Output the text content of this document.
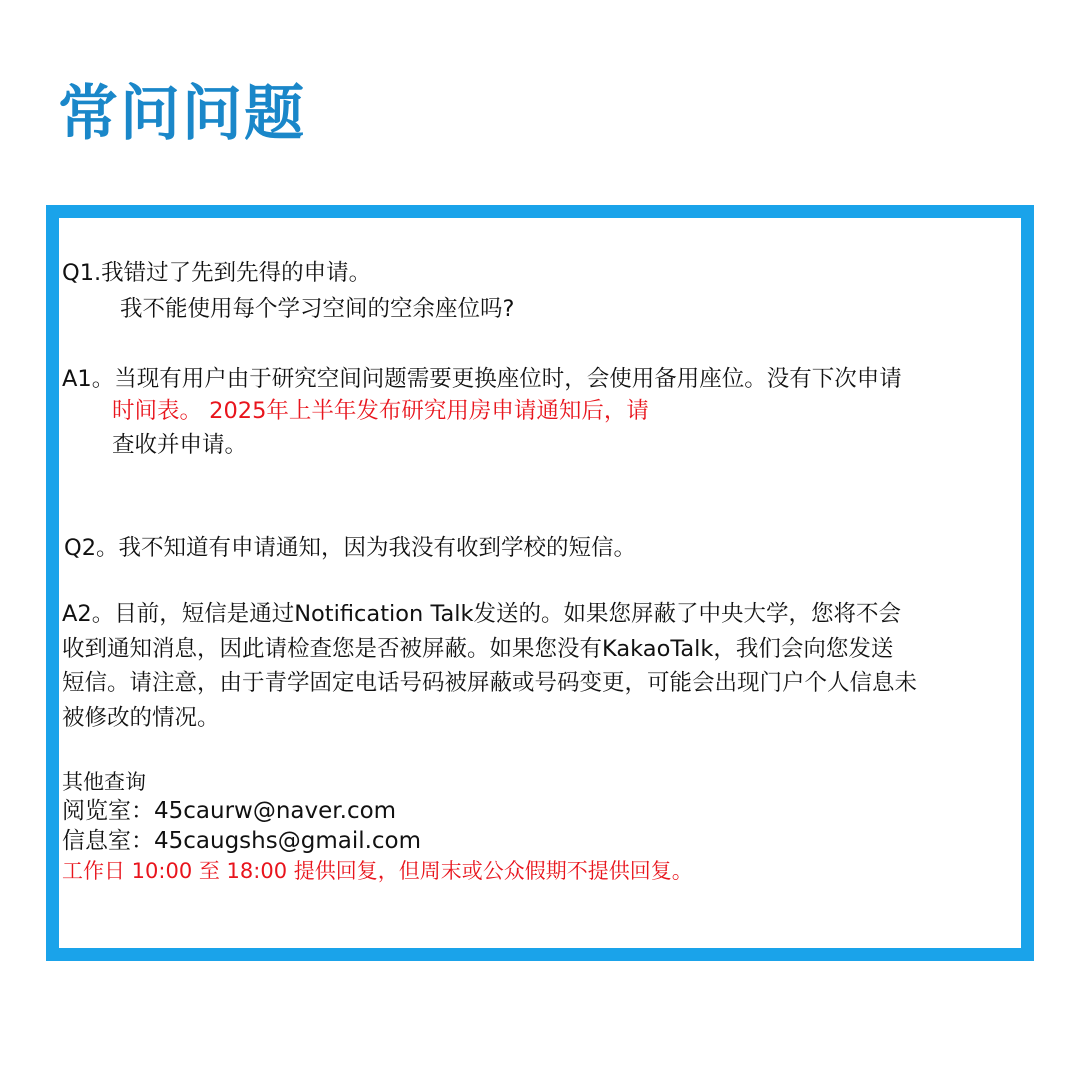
常问问题
Q1.我错过了先到先得的申请。
我不能使用每个学习空间的空余座位吗?
A1。当现有用户由于研究空间问题需要更换座位时，会使用备用座位。没有下次申请
时间表。 2025年上半年发布研究用房申请通知后，请
查收并申请。
Q2。我不知道有申请通知，因为我没有收到学校的短信。
A2。目前，短信是通过Notification Talk发送的。如果您屏蔽了中央大学，您将不会
收到通知消息，因此请检查您是否被屏蔽。如果您没有KakaoTalk，我们会向您发送
短信。请注意，由于青学固定电话号码被屏蔽或号码变更，可能会出现门户个人信息未
被修改的情况。
其他查询
阅览室：45caurw@naver.com
信息室：45caugshs@gmail.com
工作日 10:00 至 18:00 提供回复，但周末或公众假期不提供回复。
